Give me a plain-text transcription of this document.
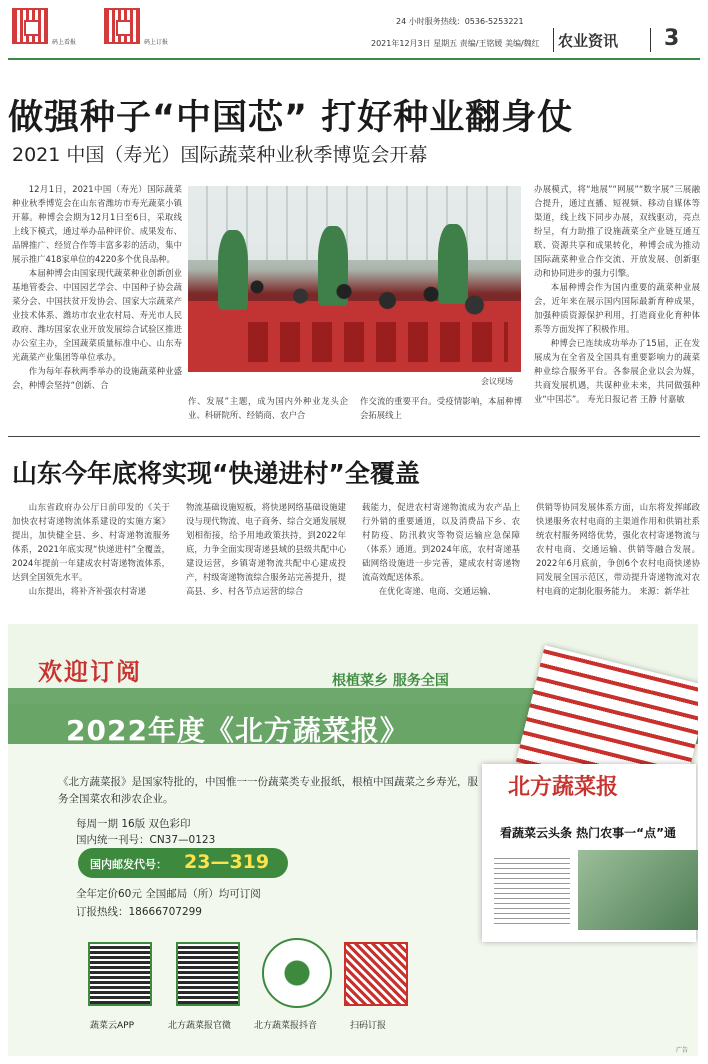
码上看报	码上订报
24 小时服务热线：0536-5253221
2021年12月3日 星期五 责编/王铭媛 美编/魏红 农业资讯 3
做强种子“中国芯” 打好种业翻身仗
2021 中国（寿光）国际蔬菜种业秋季博览会开幕

12月1日，2021中国（寿光）国际蔬菜种业秋季博览会在山东省潍坊市寿光蔬菜小镇开幕。种博会会期为12月1日至6日，采取线上线下模式，通过举办品种评价、成果发布、品牌推广、经贸合作等丰富多彩的活动，集中展示推广418家单位的4220多个优良品种。

本届种博会由国家现代蔬菜种业创新创业基地管委会、中国园艺学会、中国种子协会蔬菜分会、中国扶贫开发协会、国家大宗蔬菜产业技术体系、潍坊市农业农村局、寿光市人民政府、潍坊国家农业开放发展综合试验区推进办公室主办，全国蔬菜质量标准中心、山东寿光蔬菜产业集团等单位承办。

作为每年春秋两季举办的设施蔬菜种业盛会，种博会坚持“创新、合	会议现场

作、发展”主题，成为国内外种业龙头企业、科研院所、经销商、农户合

作交流的重要平台。受疫情影响，本届种博会拓展线上

办展模式，将“地展”“网展”“数字展”三展融合提升，通过直播、短视频、移动自媒体等渠道，线上线下同步办展，双线驱动，亮点纷呈，有力助推了设施蔬菜全产业链互通互联、资源共享和成果转化，种博会成为推动国际蔬菜种业合作交流、开放发展、创新驱动和协同进步的强力引擎。

本届种博会作为国内重要的蔬菜种业展会，近年来在展示国内国际最新育种成果，加强种质资源保护利用，打造商业化育种体系等方面发挥了积极作用。

种博会已连续成功举办了15届，正在发展成为在全省及全国具有重要影响力的蔬菜种业综合服务平台。各参展企业以会为媒，共商发展机遇，共谋种业未来，共同做强种业“中国芯”。 寿光日报记者 王静 付嘉敏

山东今年底将实现“快递进村”全覆盖

山东省政府办公厅日前印发的《关于加快农村寄递物流体系建设的实施方案》提出，加快健全县、乡、村寄递物流服务体系，2021年底实现“快递进村”全覆盖，2024年提前一年建成农村寄递物流体系，达到全国领先水平。

山东提出，将补齐补强农村寄递

物流基础设施短板，将快递网络基础设施建设与现代物流、电子商务、综合交通发展规划相衔接，给予用地政策扶持，到2022年底，力争全面实现寄递县域的县级共配中心建设运营，乡镇寄递物流共配中心建成投产，村级寄递物流综合服务站完善提升，提高县、乡、村各节点运营的综合

载能力，促进农村寄递物流成为农产品上行外销的重要通道，以及消费品下乡、农村防疫、防汛救灾等物资运输应急保障（体系）通道。到2024年底，农村寄递基础网络设施进一步完善，建成农村寄递物流高效配送体系。

在优化寄递、电商、交通运输、

供销等协同发展体系方面，山东将发挥邮政快递服务农村电商的主渠道作用和供销社系统农村服务网络优势，强化农村寄递物流与农村电商、交通运输、供销等融合发展。2022年6月底前，争创6个农村电商快递协同发展全国示范区，带动提升寄递物流对农村电商的定制化服务能力。 来源：新华社

欢迎订阅	根植菜乡 服务全国
2022年度《北方蔬菜报》
《北方蔬菜报》是国家特批的，中国惟一一份蔬菜类专业报纸，根植中国蔬菜之乡寿光，服务全国菜农和涉农企业。
每周一期 16版 双色彩印
国内统一刊号：CN37—0123
国内邮发代号： 23—319
全年定价60元 全国邮局（所）均可订阅
订报热线：18666707299
北方蔬菜报
看蔬菜云头条 热门农事一“点”通
蔬菜云APP	北方蔬菜报官微	北方蔬菜报抖音	扫码订报
广告
